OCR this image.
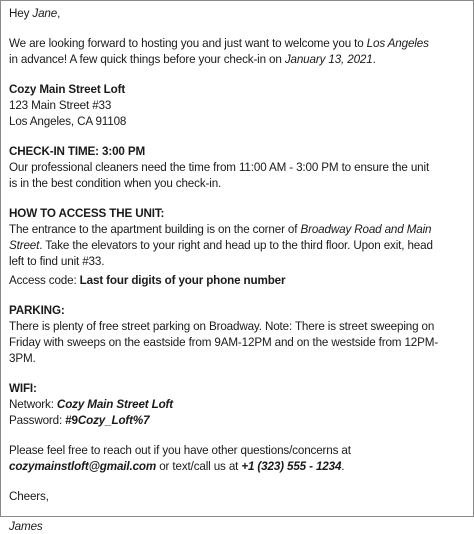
Hey Jane,

We are looking forward to hosting you and just want to welcome you to Los Angeles in advance! A few quick things before your check-in on January 13, 2021.

Cozy Main Street Loft

123 Main Street #33

Los Angeles, CA 91108

CHECK-IN TIME: 3:00 PM

Our professional cleaners need the time from 11:00 AM - 3:00 PM to ensure the unit is in the best condition when you check-in.

HOW TO ACCESS THE UNIT:

The entrance to the apartment building is on the corner of Broadway Road and Main Street. Take the elevators to your right and head up to the third floor. Upon exit, head left to find unit #33.

Access code: Last four digits of your phone number

PARKING:

There is plenty of free street parking on Broadway. Note: There is street sweeping on Friday with sweeps on the eastside from 9AM-12PM and on the westside from 12PM-3PM.

WIFI:

Network: Cozy Main Street Loft

Password: #9Cozy_Loft%7

Please feel free to reach out if you have other questions/concerns at

cozymainstloft@gmail.com or text/call us at +1 (323) 555 - 1234.

Cheers,

James
